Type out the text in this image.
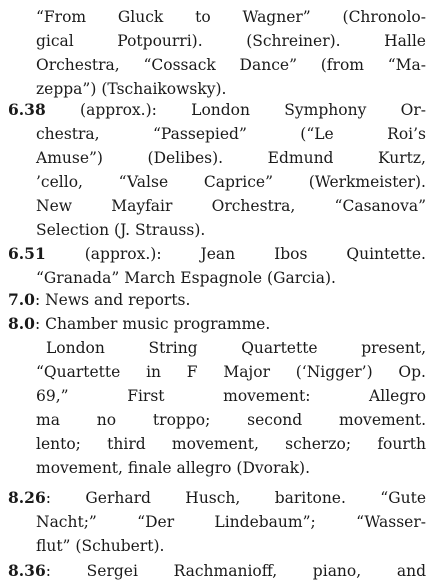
“From Gluck to Wagner” (Chronolo-
gical Potpourri). (Schreiner). Halle
Orchestra, “Cossack Dance” (from “Ma-
zeppa”) (Tschaikowsky).
6.38 (approx.): London Symphony Or-
chestra, “Passepied” (“Le Roi’s
Amuse”) (Delibes). Edmund Kurtz,
’cello, “Valse Caprice” (Werkmeister).
New Mayfair Orchestra, “Casanova”
Selection (J. Strauss).
6.51 (approx.): Jean Ibos Quintette.
“Granada” March Espagnole (Garcia).
7.0: News and reports.
8.0: Chamber music programme.
London String Quartette present,
“Quartette in F Major (‘Nigger’) Op.
69,” First movement: Allegro
ma no troppo; second movement.
lento; third movement, scherzo; fourth
movement, finale allegro (Dvorak).
8.26: Gerhard Husch, baritone. “Gute
Nacht;” “Der Lindebaum”; “Wasser-
flut” (Schubert).
8.36: Sergei Rachmanioff, piano, and
